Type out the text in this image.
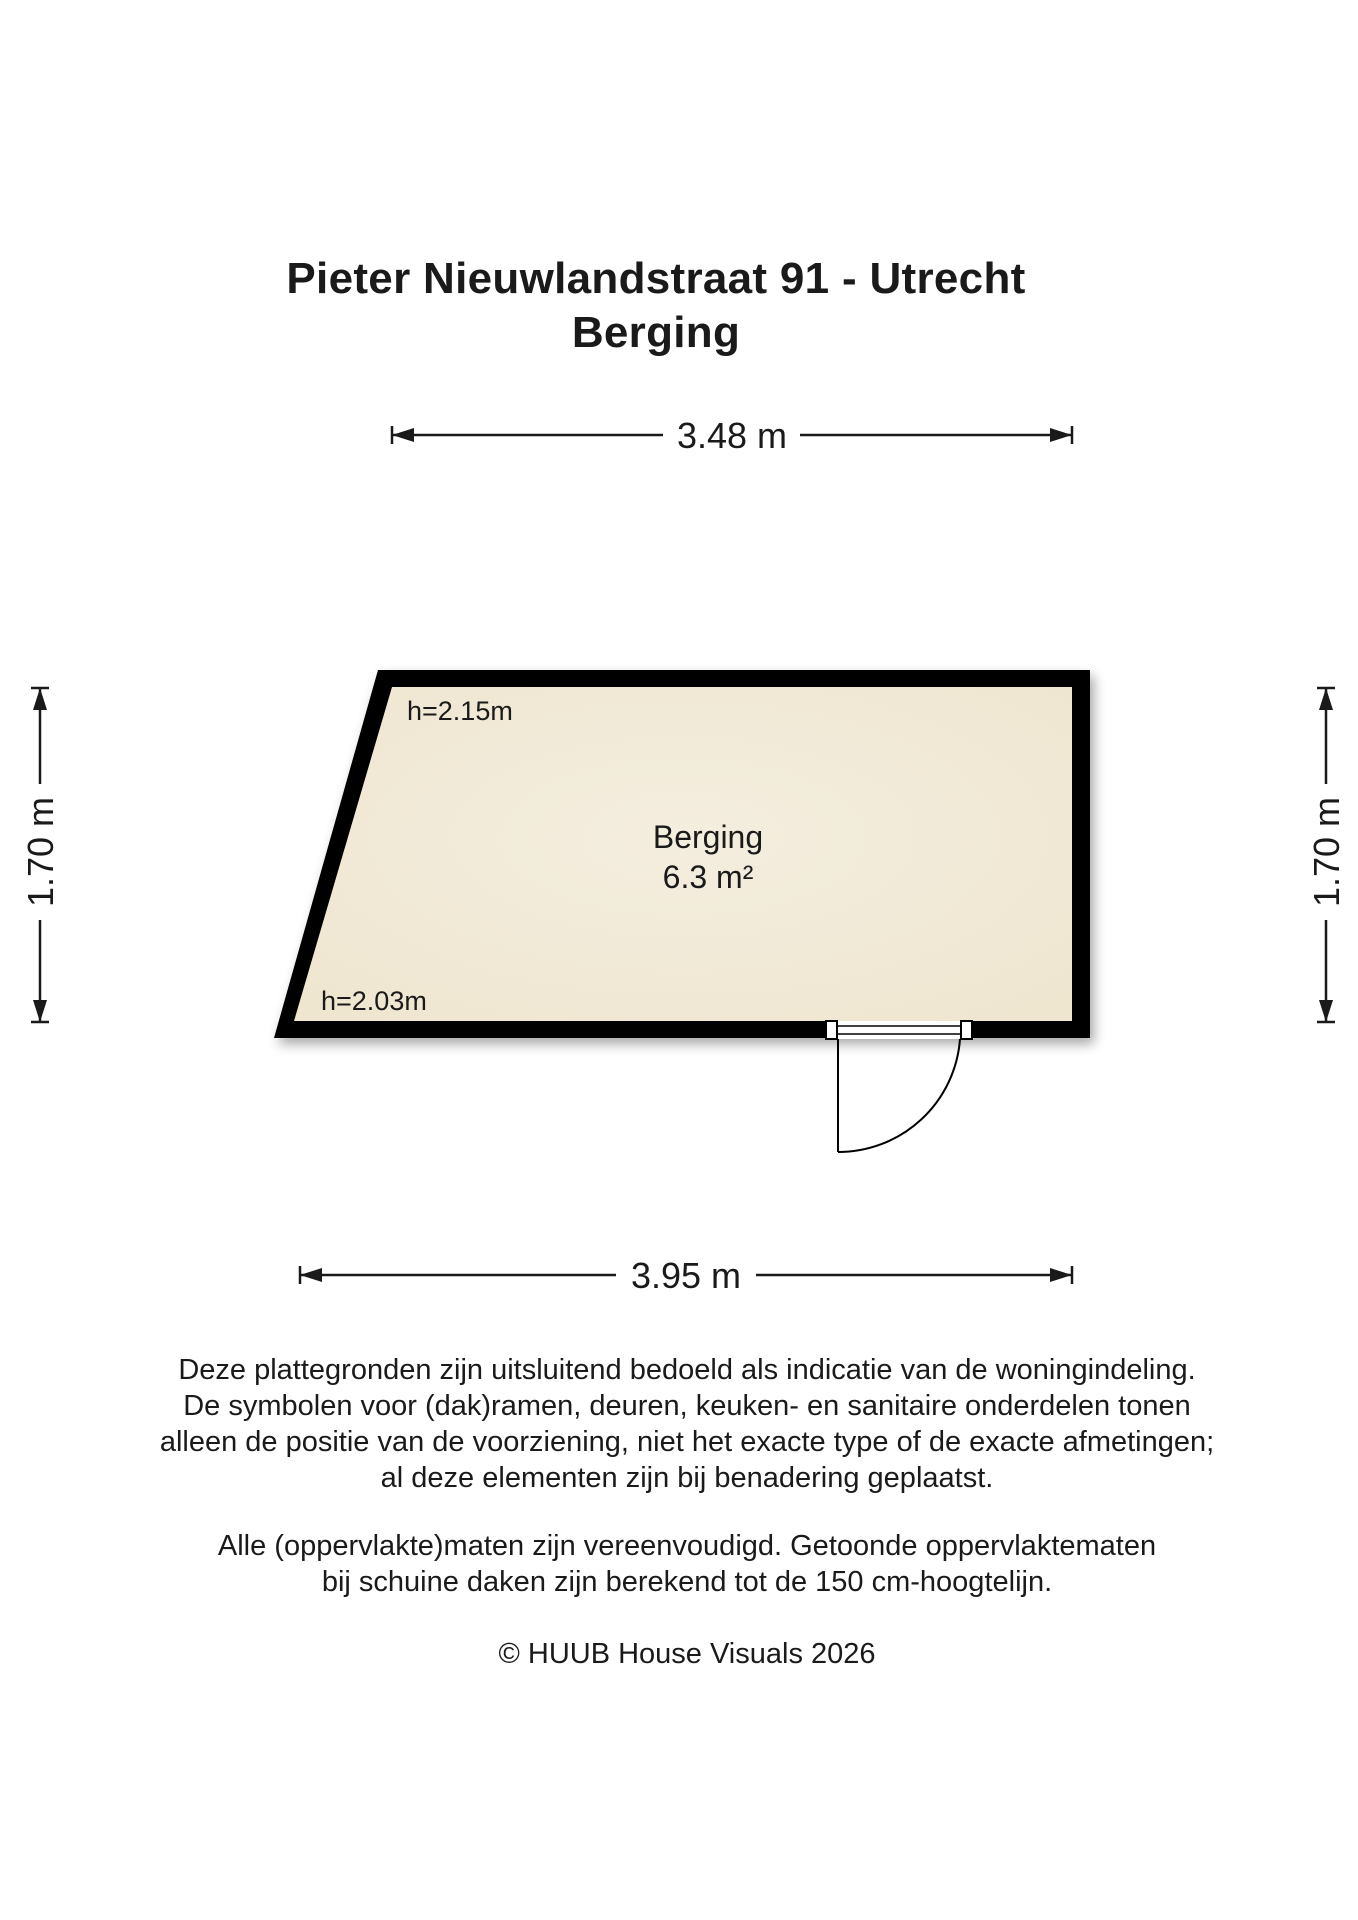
Pieter Nieuwlandstraat 91 - Utrecht
Berging
3.48 m
3.95 m
1.70 m	1.70 m
h=2.15m
h=2.03m
Berging
6.3 m²
Deze plattegronden zijn uitsluitend bedoeld als indicatie van de woningindeling.
De symbolen voor (dak)ramen, deuren, keuken- en sanitaire onderdelen tonen
alleen de positie van de voorziening, niet het exacte type of de exacte afmetingen;
al deze elementen zijn bij benadering geplaatst.
Alle (oppervlakte)maten zijn vereenvoudigd. Getoonde oppervlaktematen
bij schuine daken zijn berekend tot de 150 cm-hoogtelijn.
© HUUB House Visuals 2026
